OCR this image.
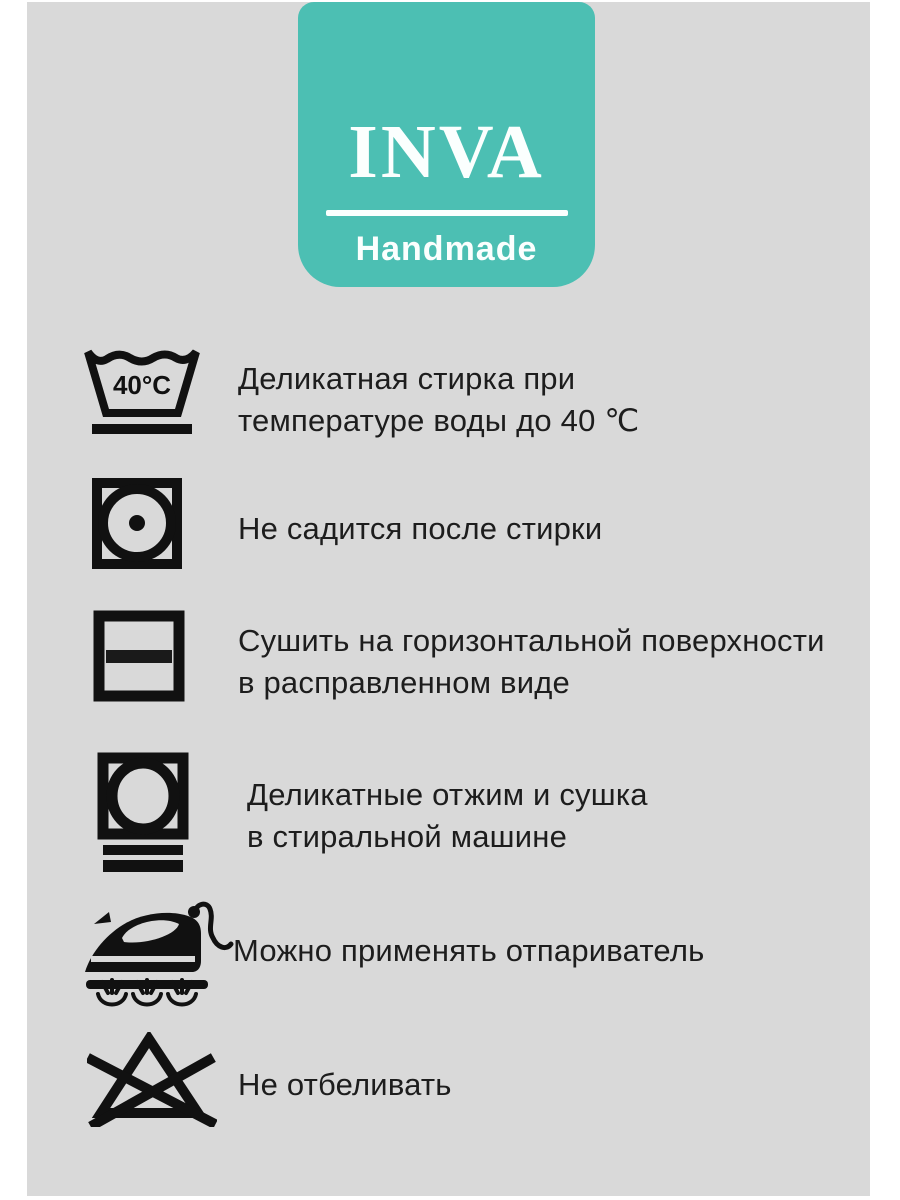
INVA
Handmade
40°C Деликатная стирка при
температуре воды до 40 ℃
Не садится после стирки
Сушить на горизонтальной поверхности
в расправленном виде
Деликатные отжим и сушка
в стиральной машине
Можно применять отпариватель
Не отбеливать
